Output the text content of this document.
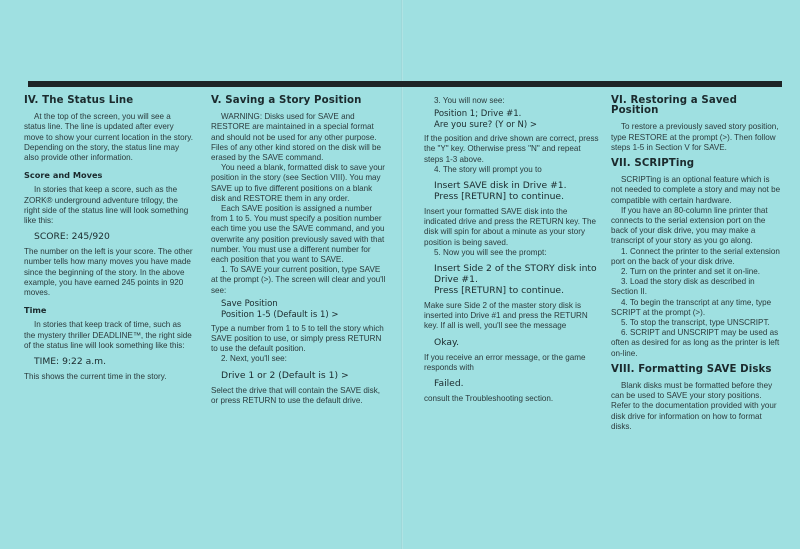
IV. The Status Line

At the top of the screen, you will see a status line. The line is updated after every move to show your current location in the story. Depending on the story, the status line may also provide other information.

Score and Moves

In stories that keep a score, such as the ZORK® underground adventure trilogy, the right side of the status line will look something like this:

SCORE: 245/920

The number on the left is your score. The other number tells how many moves you have made since the beginning of the story. In the above example, you have earned 245 points in 920 moves.

Time

In stories that keep track of time, such as the mystery thriller DEADLINE™, the right side of the status line will look something like this:

TIME: 9:22 a.m.

This shows the current time in the story.

V. Saving a Story Position

WARNING: Disks used for SAVE and RESTORE are maintained in a special format and should not be used for any other purpose. Files of any other kind stored on the disk will be erased by the SAVE command.

You need a blank, formatted disk to save your position in the story (see Section VIII). You may SAVE up to five different positions on a blank disk and RESTORE them in any order.

Each SAVE position is assigned a number from 1 to 5. You must specify a position number each time you use the SAVE command, and you overwrite any position previously saved with that number. You must use a different number for each position that you want to SAVE.

1. To SAVE your current position, type SAVE at the prompt (>). The screen will clear and you'll see:

Save Position
Position 1-5 (Default is 1) >

Type a number from 1 to 5 to tell the story which SAVE position to use, or simply press RETURN to use the default position.

2. Next, you'll see:

Drive 1 or 2 (Default is 1) >

Select the drive that will contain the SAVE disk, or press RETURN to use the default drive.

3. You will now see:

Position 1; Drive #1.
Are you sure? (Y or N) >

If the position and drive shown are correct, press the "Y" key. Otherwise press "N" and repeat steps 1-3 above.

4. The story will prompt you to

Insert SAVE disk in Drive #1.
Press [RETURN] to continue.

Insert your formatted SAVE disk into the indicated drive and press the RETURN key. The disk will spin for about a minute as your story position is being saved.

5. Now you will see the prompt:

Insert Side 2 of the STORY disk into
Drive #1.
Press [RETURN] to continue.

Make sure Side 2 of the master story disk is inserted into Drive #1 and press the RETURN key. If all is well, you'll see the message

Okay.

If you receive an error message, or the game responds with

Failed.

consult the Troubleshooting section.

VI. Restoring a Saved Position

To restore a previously saved story position, type RESTORE at the prompt (>). Then follow steps 1-5 in Section V for SAVE.

VII. SCRIPTing

SCRIPTing is an optional feature which is not needed to complete a story and may not be compatible with certain hardware.

If you have an 80-column line printer that connects to the serial extension port on the back of your disk drive, you may make a transcript of your story as you go along.

1. Connect the printer to the serial extension port on the back of your disk drive.

2. Turn on the printer and set it on-line.

3. Load the story disk as described in Section II.

4. To begin the transcript at any time, type SCRIPT at the prompt (>).

5. To stop the transcript, type UNSCRIPT.

6. SCRIPT and UNSCRIPT may be used as often as desired for as long as the printer is left on-line.

VIII. Formatting SAVE Disks

Blank disks must be formatted before they can be used to SAVE your story positions. Refer to the documentation provided with your disk drive for information on how to format disks.
